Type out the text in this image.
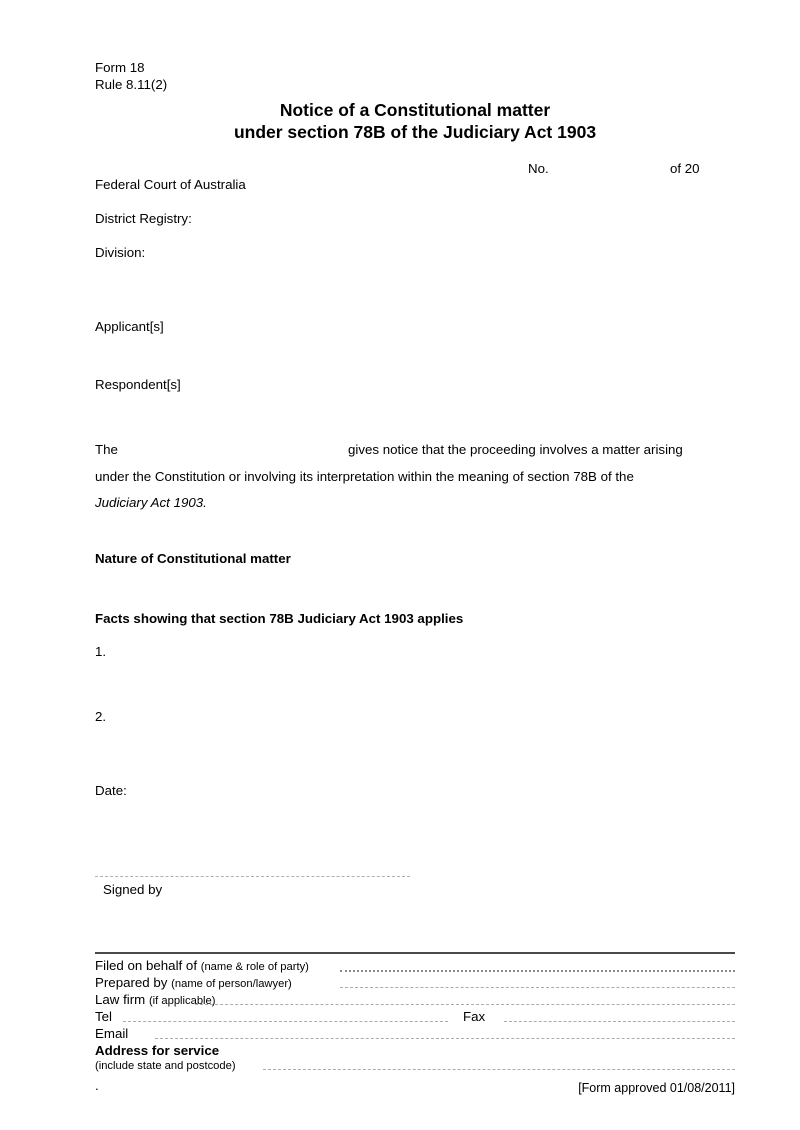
Form 18
Rule 8.11(2)
Notice of a Constitutional matter
under section 78B of the Judiciary Act 1903
No.	of 20
Federal Court of Australia
District Registry:
Division:
Applicant[s]
Respondent[s]
The	gives notice that the proceeding involves a matter arising
under the Constitution or involving its interpretation within the meaning of section 78B of the
Judiciary Act 1903.
Nature of Constitutional matter
Facts showing that section 78B Judiciary Act 1903 applies
1.
2.
Date:
Signed by
Filed on behalf of (name & role of party)
Prepared by (name of person/lawyer)
Law firm (if applicable)
Tel	Fax
Email
Address for service
(include state and postcode)
.	[Form approved 01/08/2011]
